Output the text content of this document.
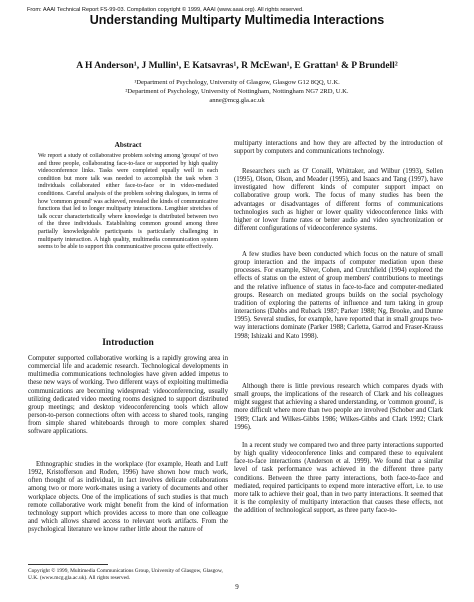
From: AAAI Technical Report FS-99-03. Compilation copyright © 1999, AAAI (www.aaai.org). All rights reserved.
Understanding Multiparty Multimedia Interactions
A H Anderson¹, J Mullin¹, E Katsavras¹, R McEwan¹, E Grattan¹ & P Brundell²
¹Department of Psychology, University of Glasgow, Glasgow G12 8QQ, U.K.
²Department of Psychology, University of Nottingham, Nottingham NG7 2RD, U.K.
anne@mcg.gla.ac.uk
Abstract
We report a study of collaborative problem solving among 'groups' of two and three people, collaborating face-to-face or supported by high quality videoconference links. Tasks were completed equally well in each condition but more talk was needed to accomplish the task when 3 individuals collaborated either face-to-face or in video-mediated conditions. Careful analysis of the problem solving dialogues, in terms of how 'common ground' was achieved, revealed the kinds of communicative functions that led to longer multiparty interactions. Lengthier stretches of talk occur characteristically where knowledge is distributed between two of the three individuals. Establishing common ground among three partially knowledgeable participants is particularly challenging in multiparty interaction. A high quality, multimedia communication system seems to be able to support this communicative process quite effectively.
Introduction

Computer supported collaborative working is a rapidly growing area in commercial life and academic research. Technological developments in multimedia communications technologies have given added impetus to these new ways of working. Two different ways of exploiting multimedia communications are becoming widespread: videoconferencing, usually utilizing dedicated video meeting rooms designed to support distributed group meetings; and desktop videoconferencing tools which allow person-to-person connections often with access to shared tools, ranging from simple shared whiteboards through to more complex shared software applications.

Ethnographic studies in the workplace (for example, Heath and Luff 1992, Kristofferson and Roden, 1996) have shown how much work, often thought of as individual, in fact involves delicate collaborations among two or more work-mates using a variety of documents and other workplace objects. One of the implications of such studies is that much remote collaborative work might benefit from the kind of information technology support which provides access to more than one colleague and which allows shared access to relevant work artifacts. From the psychological literature we know rather little about the nature of

Copyright © 1999, Multimedia Communications Group, University of Glasgow, Glasgow, U.K. (www.mcg.gla.ac.uk). All rights reserved.

multiparty interactions and how they are affected by the introduction of support by computers and communications technology.

Researchers such as O' Conaill, Whittaker, and Wilbur (1993), Sellen (1995), Olson, Olson, and Meader (1995), and Isaacs and Tang (1997), have investigated how different kinds of computer support impact on collaborative group work. The focus of many studies has been the advantages or disadvantages of different forms of communications technologies such as higher or lower quality videoconference links with higher or lower frame rates or better audio and video synchronization or different configurations of videoconference systems.

A few studies have been conducted which focus on the nature of small group interaction and the impacts of computer mediation upon these processes. For example, Silver, Cohen, and Crutchfield (1994) explored the effects of status on the extent of group members' contributions to meetings and the relative influence of status in face-to-face and computer-mediated groups. Research on mediated groups builds on the social psychology tradition of exploring the patterns of influence and turn taking in group interactions (Dabbs and Ruback 1987; Parker 1988; Ng, Brooke, and Dunne 1995). Several studies, for example, have reported that in small groups two-way interactions dominate (Parker 1988; Carletta, Garrod and Fraser-Krauss 1998; Ishizaki and Kato 1998).

Although there is little previous research which compares dyads with small groups, the implications of the research of Clark and his colleagues might suggest that achieving a shared understanding, or 'common ground', is more difficult where more than two people are involved (Schober and Clark 1989; Clark and Wilkes-Gibbs 1986; Wilkes-Gibbs and Clark 1992; Clark 1996).

In a recent study we compared two and three party interactions supported by high quality videoconference links and compared these to equivalent face-to-face interactions (Anderson et al. 1999). We found that a similar level of task performance was achieved in the different three party conditions. Between the three party interactions, both face-to-face and mediated, required participants to expend more interactive effort, i.e. to use more talk to achieve their goal, than in two party interactions. It seemed that it is the complexity of multiparty interaction that causes these effects, not the addition of technological support, as three party face-to-

9
